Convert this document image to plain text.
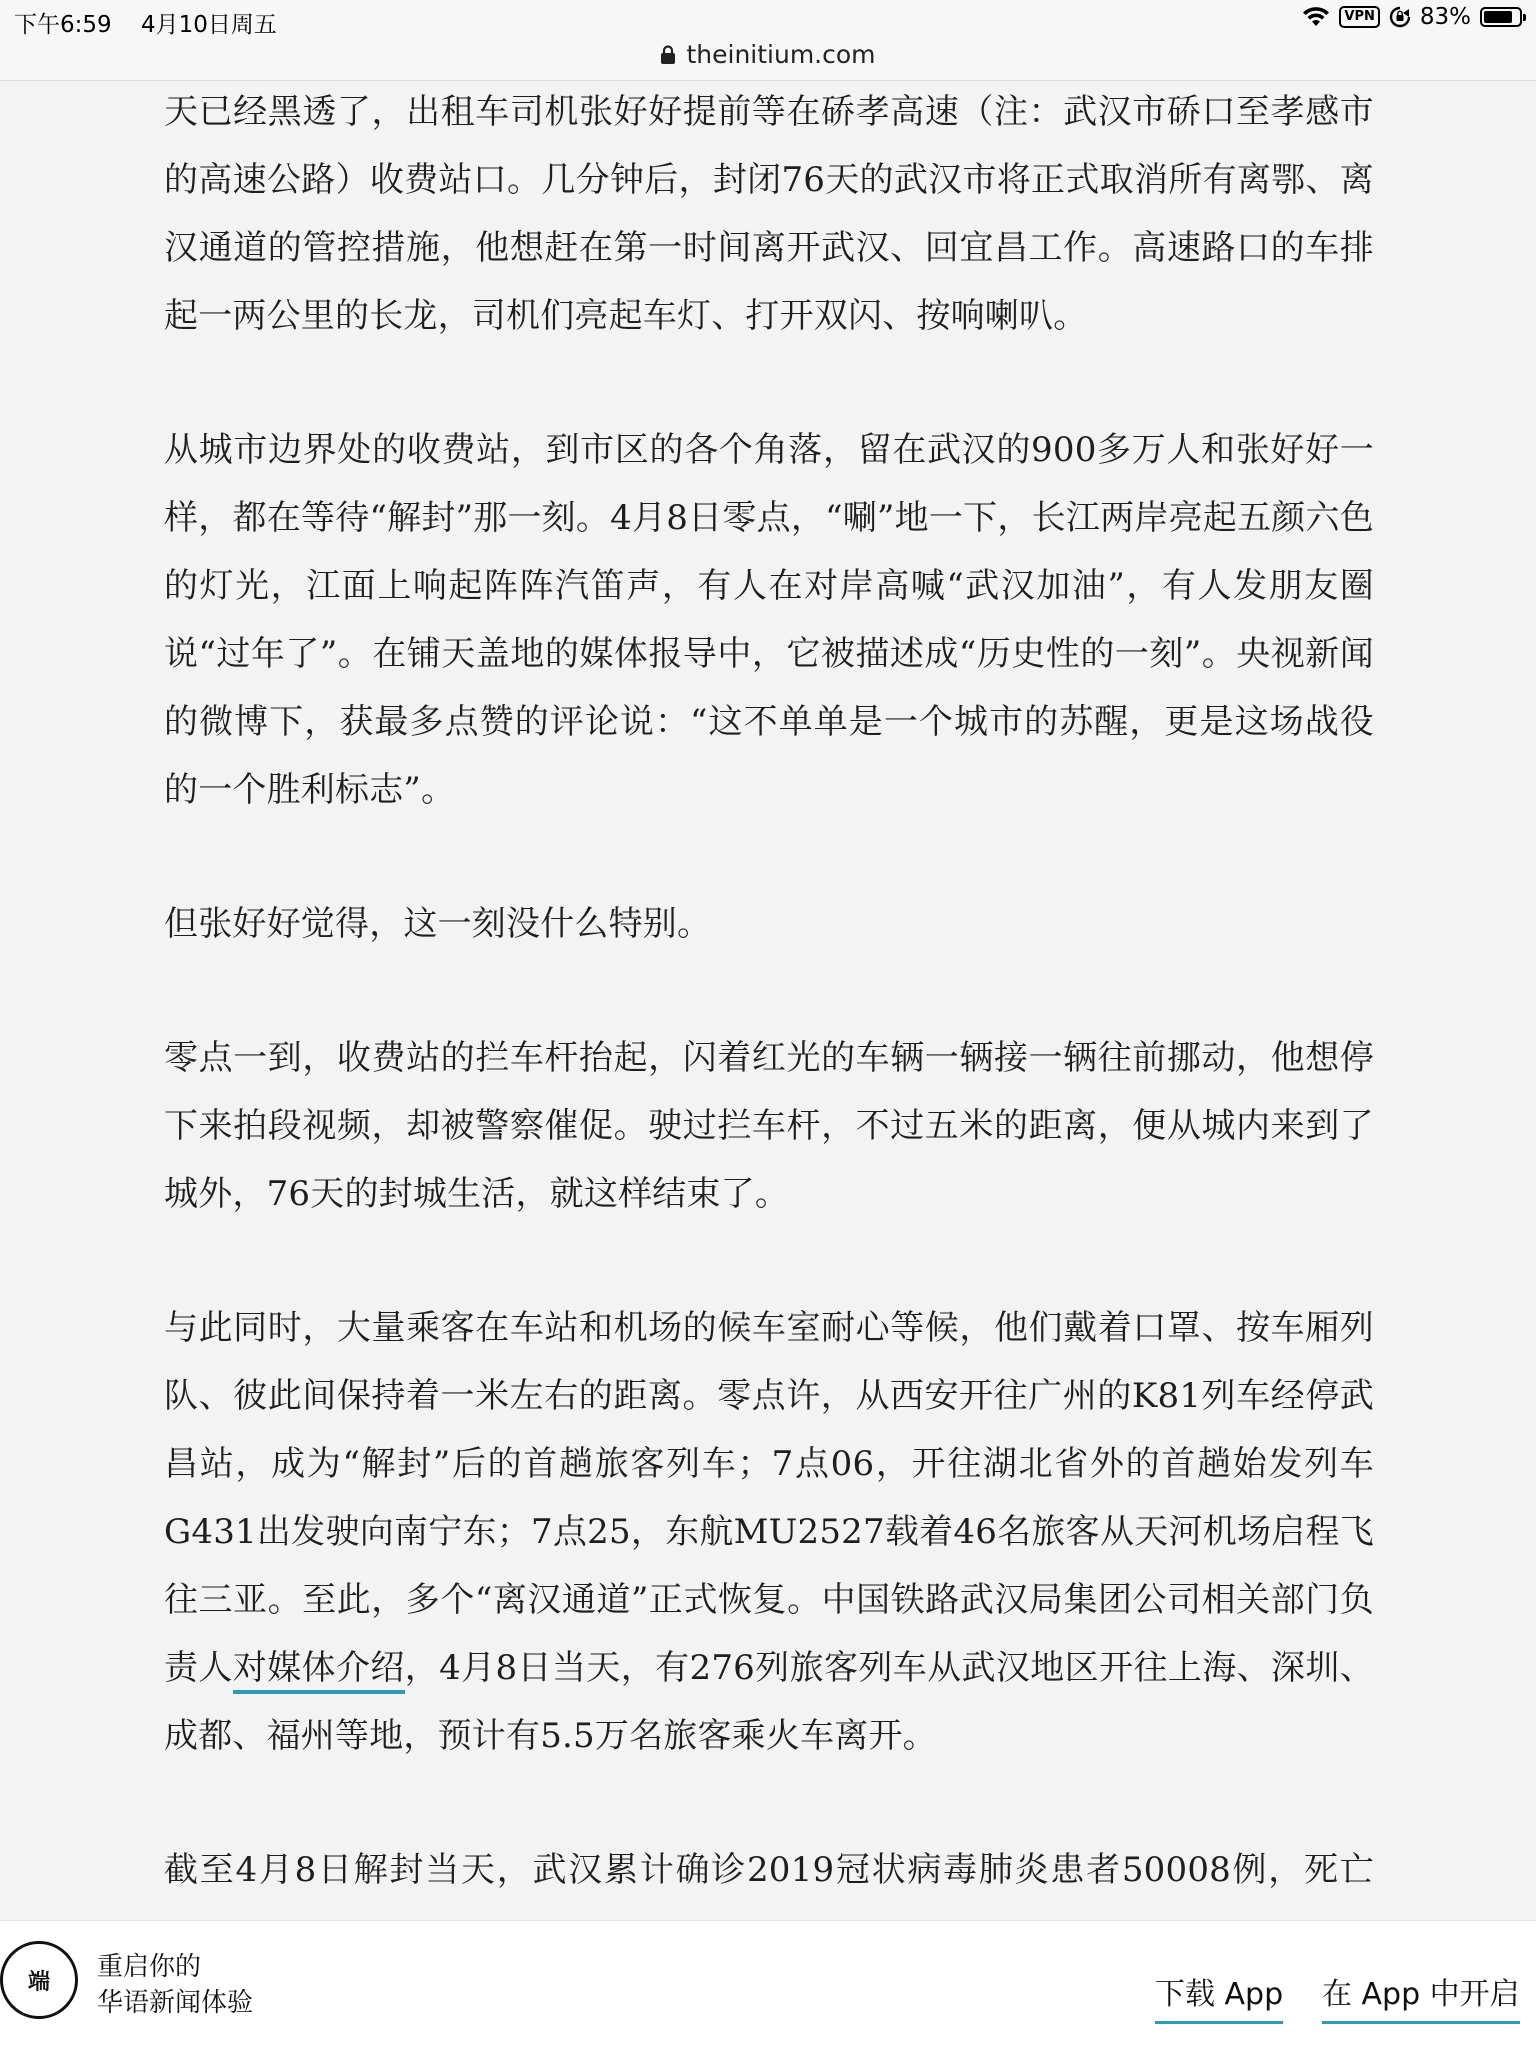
下午6:59 4月10日周五	VPN 83%
theinitium.com

天已经黑透了，出租车司机张好好提前等在硚孝高速（注：武汉市硚口至孝感市的高速公路）收费站口。几分钟后，封闭76天的武汉市将正式取消所有离鄂、离汉通道的管控措施，他想赶在第一时间离开武汉、回宜昌工作。高速路口的车排起一两公里的长龙，司机们亮起车灯、打开双闪、按响喇叭。

从城市边界处的收费站，到市区的各个角落，留在武汉的900多万人和张好好一样，都在等待“解封”那一刻。4月8日零点，“唰”地一下，长江两岸亮起五颜六色的灯光，江面上响起阵阵汽笛声，有人在对岸高喊“武汉加油”，有人发朋友圈说“过年了”。在铺天盖地的媒体报导中，它被描述成“历史性的一刻”。央视新闻的微博下，获最多点赞的评论说：“这不单单是一个城市的苏醒，更是这场战役的一个胜利标志”。

但张好好觉得，这一刻没什么特别。

零点一到，收费站的拦车杆抬起，闪着红光的车辆一辆接一辆往前挪动，他想停下来拍段视频，却被警察催促。驶过拦车杆，不过五米的距离，便从城内来到了城外，76天的封城生活，就这样结束了。

与此同时，大量乘客在车站和机场的候车室耐心等候，他们戴着口罩、按车厢列队、彼此间保持着一米左右的距离。零点许，从西安开往广州的K81列车经停武昌站，成为“解封”后的首趟旅客列车；7点06，开往湖北省外的首趟始发列车G431出发驶向南宁东；7点25，东航MU2527载着46名旅客从天河机场启程飞往三亚。至此，多个“离汉通道”正式恢复。中国铁路武汉局集团公司相关部门负责人对媒体介绍，4月8日当天，有276列旅客列车从武汉地区开往上海、深圳、成都、福州等地，预计有5.5万名旅客乘火车离开。

截至4月8日解封当天，武汉累计确诊2019冠状病毒肺炎患者50008例，死亡

端	重启你的
华语新闻体验	下载 App 在 App 中开启
